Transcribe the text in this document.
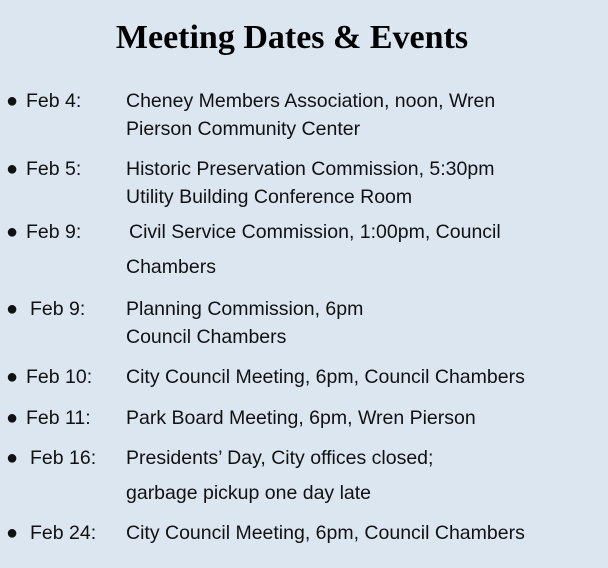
Meeting Dates & Events
● Feb 4: Cheney Members Association, noon, Wren
Pierson Community Center
● Feb 5: Historic Preservation Commission, 5:30pm
Utility Building Conference Room
● Feb 9: Civil Service Commission, 1:00pm, Council
Chambers
● Feb 9: Planning Commission, 6pm
Council Chambers
● Feb 10: City Council Meeting, 6pm, Council Chambers
● Feb 11: Park Board Meeting, 6pm, Wren Pierson
● Feb 16: Presidents’ Day, City offices closed;
garbage pickup one day late
● Feb 24: City Council Meeting, 6pm, Council Chambers
